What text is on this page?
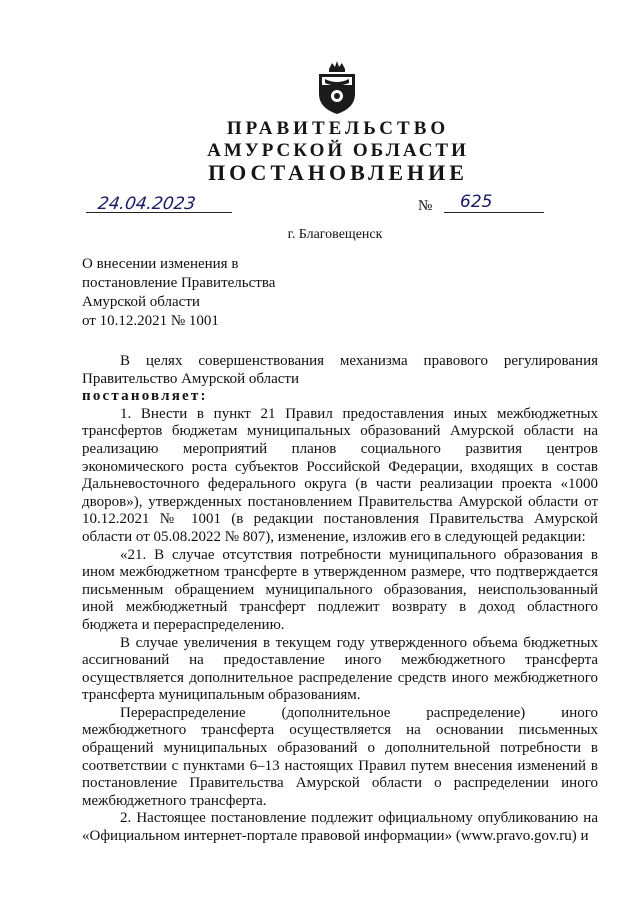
ПРАВИТЕЛЬСТВО
АМУРСКОЙ ОБЛАСТИ
ПОСТАНОВЛЕНИЕ
24.04.2023	№ 625
г. Благовещенск
О внесении изменения в
постановление Правительства
Амурской области
от 10.12.2021 № 1001

В целях совершенствования механизма правового регулирования Правительство Амурской области

постановляет:

1. Внести в пункт 21 Правил предоставления иных межбюджетных трансфертов бюджетам муниципальных образований Амурской области на реализацию мероприятий планов социального развития центров экономического роста субъектов Российской Федерации, входящих в состав Дальневосточного федерального округа (в части реализации проекта «1000 дворов»), утвержденных постановлением Правительства Амурской области от 10.12.2021 № 1001 (в редакции постановления Правительства Амурской области от 05.08.2022 № 807), изменение, изложив его в следующей редакции:

«21. В случае отсутствия потребности муниципального образования в ином межбюджетном трансферте в утвержденном размере, что подтверждается письменным обращением муниципального образования, неиспользованный иной межбюджетный трансферт подлежит возврату в доход областного бюджета и перераспределению.

В случае увеличения в текущем году утвержденного объема бюджетных ассигнований на предоставление иного межбюджетного трансферта осуществляется дополнительное распределение средств иного межбюджетного трансферта муниципальным образованиям.

Перераспределение (дополнительное распределение) иного межбюджетного трансферта осуществляется на основании письменных обращений муниципальных образований о дополнительной потребности в соответствии с пунктами 6–13 настоящих Правил путем внесения изменений в постановление Правительства Амурской области о распределении иного межбюджетного трансферта.

2. Настоящее постановление подлежит официальному опубликованию на «Официальном интернет-портале правовой информации» (www.pravo.gov.ru) и
